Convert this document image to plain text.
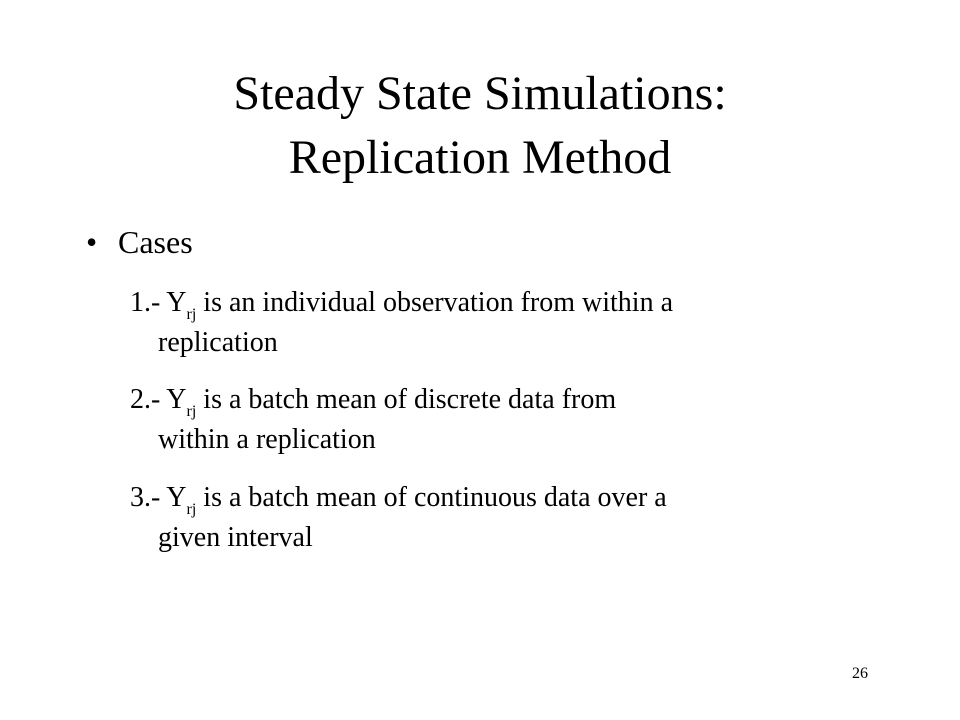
Steady State Simulations:
Replication Method
• Cases
1.- $Y_{rj}$ is an individual observation from within a
replication
2.- $Y_{rj}$ is a batch mean of discrete data from
within a replication
3.- $Y_{rj}$ is a batch mean of continuous data over a
given interval
26
